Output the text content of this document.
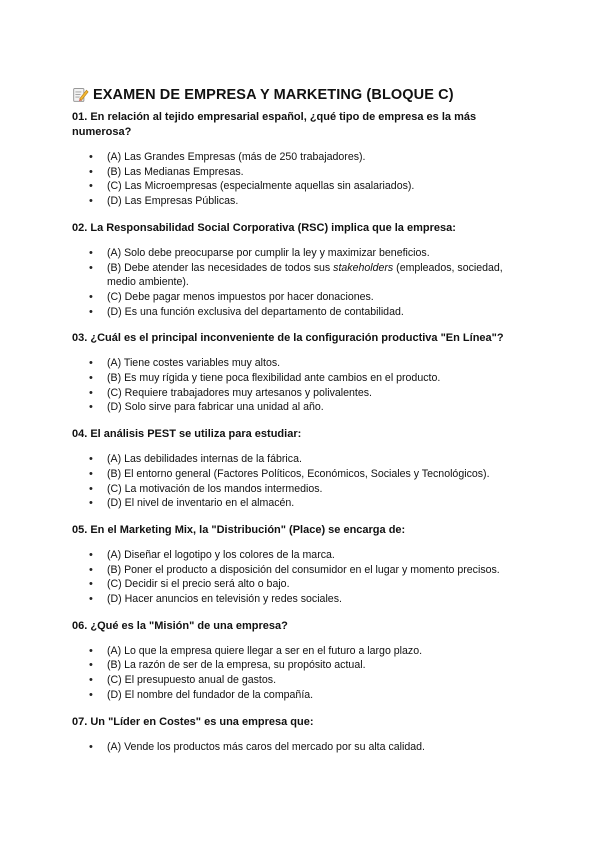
EXAMEN DE EMPRESA Y MARKETING (BLOQUE C)

01. En relación al tejido empresarial español, ¿qué tipo de empresa es la más numerosa?

• (A) Las Grandes Empresas (más de 250 trabajadores).
• (B) Las Medianas Empresas.
• (C) Las Microempresas (especialmente aquellas sin asalariados).
• (D) Las Empresas Públicas.

02. La Responsabilidad Social Corporativa (RSC) implica que la empresa:

• (A) Solo debe preocuparse por cumplir la ley y maximizar beneficios.
• (B) Debe atender las necesidades de todos sus stakeholders (empleados, sociedad, medio ambiente).
• (C) Debe pagar menos impuestos por hacer donaciones.
• (D) Es una función exclusiva del departamento de contabilidad.

03. ¿Cuál es el principal inconveniente de la configuración productiva "En Línea"?

• (A) Tiene costes variables muy altos.
• (B) Es muy rígida y tiene poca flexibilidad ante cambios en el producto.
• (C) Requiere trabajadores muy artesanos y polivalentes.
• (D) Solo sirve para fabricar una unidad al año.

04. El análisis PEST se utiliza para estudiar:

• (A) Las debilidades internas de la fábrica.
• (B) El entorno general (Factores Políticos, Económicos, Sociales y Tecnológicos).
• (C) La motivación de los mandos intermedios.
• (D) El nivel de inventario en el almacén.

05. En el Marketing Mix, la "Distribución" (Place) se encarga de:

• (A) Diseñar el logotipo y los colores de la marca.
• (B) Poner el producto a disposición del consumidor en el lugar y momento precisos.
• (C) Decidir si el precio será alto o bajo.
• (D) Hacer anuncios en televisión y redes sociales.

06. ¿Qué es la "Misión" de una empresa?

• (A) Lo que la empresa quiere llegar a ser en el futuro a largo plazo.
• (B) La razón de ser de la empresa, su propósito actual.
• (C) El presupuesto anual de gastos.
• (D) El nombre del fundador de la compañía.

07. Un "Líder en Costes" es una empresa que:

• (A) Vende los productos más caros del mercado por su alta calidad.
